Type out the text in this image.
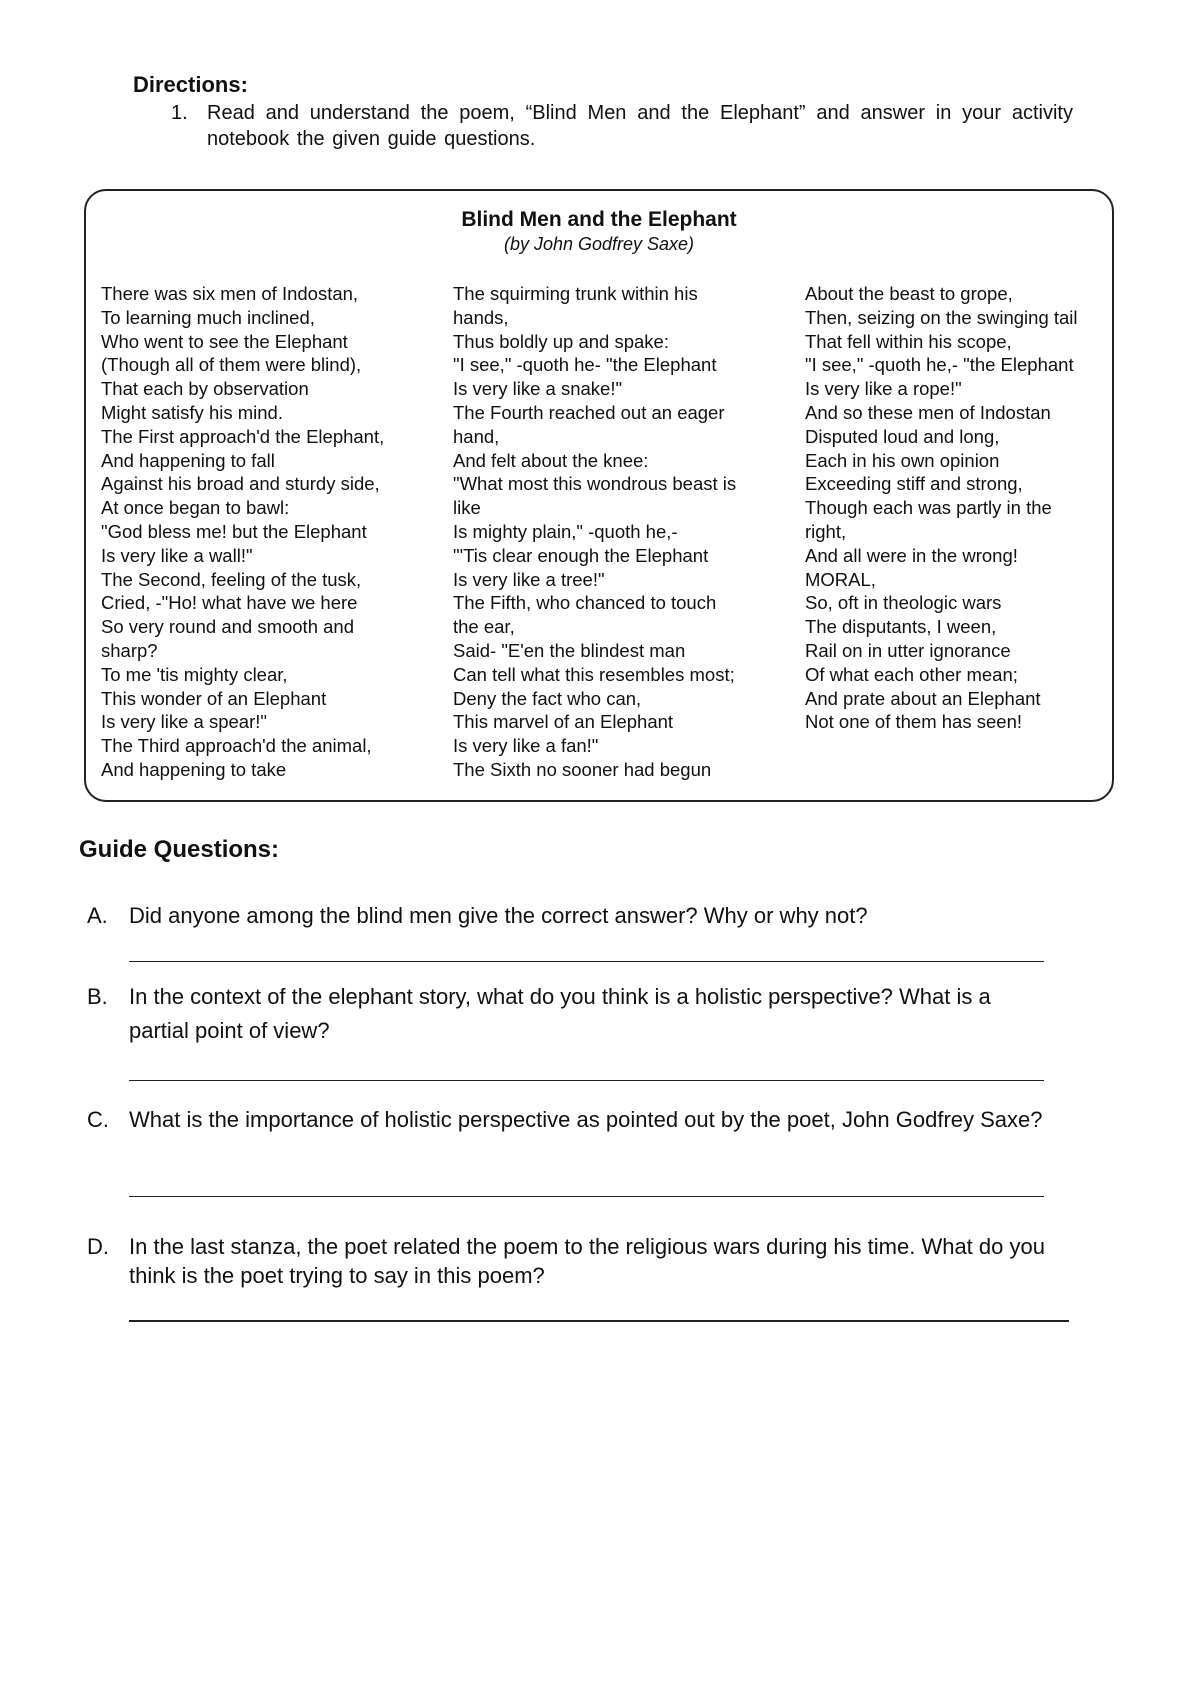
Directions:
1. Read and understand the poem, “Blind Men and the Elephant” and answer in your activity notebook the given guide questions.
Blind Men and the Elephant
(by John Godfrey Saxe)
There was six men of Indostan,
To learning much inclined,
Who went to see the Elephant
(Though all of them were blind),
That each by observation
Might satisfy his mind.
The First approach'd the Elephant,
And happening to fall
Against his broad and sturdy side,
At once began to bawl:
"God bless me! but the Elephant
Is very like a wall!"
The Second, feeling of the tusk,
Cried, -"Ho! what have we here
So very round and smooth and
sharp?
To me 'tis mighty clear,
This wonder of an Elephant
Is very like a spear!"
The Third approach'd the animal,
And happening to take
The squirming trunk within his
hands,
Thus boldly up and spake:
"I see," -quoth he- "the Elephant
Is very like a snake!"
The Fourth reached out an eager
hand,
And felt about the knee:
"What most this wondrous beast is
like
Is mighty plain," -quoth he,-
"'Tis clear enough the Elephant
Is very like a tree!"
The Fifth, who chanced to touch
the ear,
Said- "E'en the blindest man
Can tell what this resembles most;
Deny the fact who can,
This marvel of an Elephant
Is very like a fan!"
The Sixth no sooner had begun
About the beast to grope,
Then, seizing on the swinging tail
That fell within his scope,
"I see," -quoth he,- "the Elephant
Is very like a rope!"
And so these men of Indostan
Disputed loud and long,
Each in his own opinion
Exceeding stiff and strong,
Though each was partly in the
right,
And all were in the wrong!
MORAL,
So, oft in theologic wars
The disputants, I ween,
Rail on in utter ignorance
Of what each other mean;
And prate about an Elephant
Not one of them has seen!
Guide Questions:
A. Did anyone among the blind men give the correct answer? Why or why not?
B. In the context of the elephant story, what do you think is a holistic perspective? What is a partial point of view?
C. What is the importance of holistic perspective as pointed out by the poet, John Godfrey Saxe?
D. In the last stanza, the poet related the poem to the religious wars during his time. What do you think is the poet trying to say in this poem?
